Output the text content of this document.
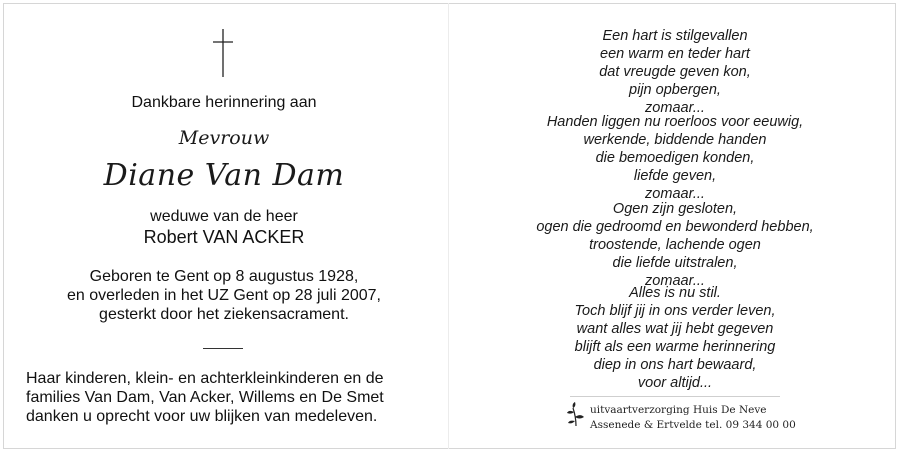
Dankbare herinnering aan
Mevrouw
Diane Van Dam
weduwe van de heer
Robert VAN ACKER
Geboren te Gent op 8 augustus 1928,
en overleden in het UZ Gent op 28 juli 2007,
gesterkt door het ziekensacrament.
Haar kinderen, klein- en achterkleinkinderen en de
families Van Dam, Van Acker, Willems en De Smet
danken u oprecht voor uw blijken van medeleven.
Een hart is stilgevallen
een warm en teder hart
dat vreugde geven kon,
pijn opbergen,
zomaar...
Handen liggen nu roerloos voor eeuwig,
werkende, biddende handen
die bemoedigen konden,
liefde geven,
zomaar...
Ogen zijn gesloten,
ogen die gedroomd en bewonderd hebben,
troostende, lachende ogen
die liefde uitstralen,
zomaar...
Alles is nu stil.
Toch blijf jij in ons verder leven,
want alles wat jij hebt gegeven
blijft als een warme herinnering
diep in ons hart bewaard,
voor altijd...
uitvaartverzorging Huis De Neve
Assenede & Ertvelde tel. 09 344 00 00
